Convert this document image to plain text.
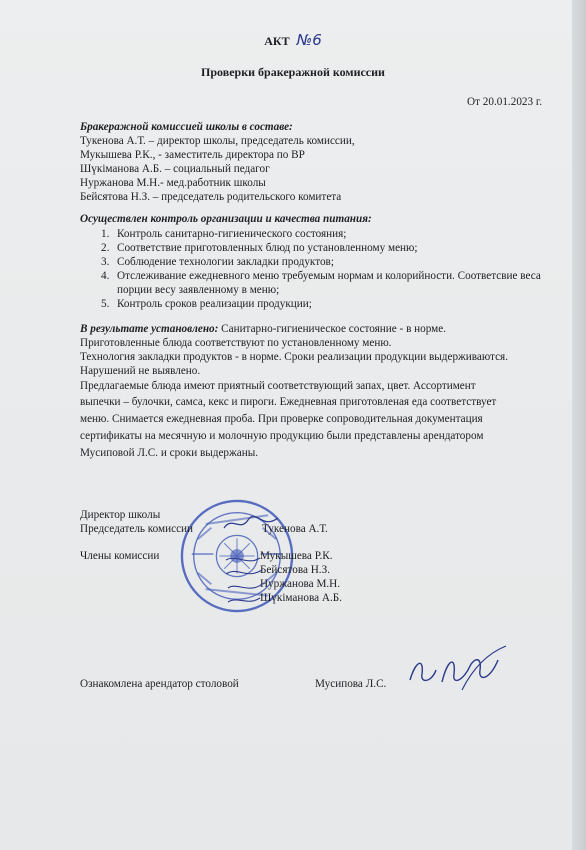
АКТ №6
Проверки бракеражной комиссии
От 20.01.2023 г.
Бракеражной комиссией школы в составе:
Тукенова А.Т. – директор школы, председатель комиссии,
Мукышева Р.К., - заместитель директора по ВР
Шүкіманова А.Б. – социальный педагог
Нуржанова М.Н.- мед.работник школы
Бейсятова Н.З. – председатель родительского комитета
Осуществлен контроль организации и качества питания:
1. Контроль санитарно-гигиенического состояния;
2. Соответствие приготовленных блюд по установленному меню;
3. Соблюдение технологии закладки продуктов;
4. Отслеживание ежедневного меню требуемым нормам и колорийности. Соответсвие веса порции весу заявленному в меню;
5. Контроль сроков реализации продукции;
В результате установлено: Санитарно-гигиеническое состояние - в норме.
Приготовленные блюда соответствуют по установленному меню.
Технология закладки продуктов - в норме. Сроки реализации продукции выдерживаются.
Нарушений не выявлено.
Предлагаемые блюда имеют приятный соответствующий запах, цвет. Ассортимент
выпечки – булочки, самса, кекс и пироги. Ежедневная приготовленая еда соответствует
меню. Снимается ежедневная проба. При проверке сопроводительная документация
сертификаты на месячную и молочную продукцию были представлены арендатором
Мусиповой Л.С. и сроки выдержаны.
Директор школы
Председатель комиссии	Тукенова А.Т.
Члены комиссии	Мукышева Р.К.
Бейсятова Н.З.
Нуржанова М.Н.
Шүкіманова А.Б.
Ознакомлена арендатор столовой	Мусипова Л.С.
